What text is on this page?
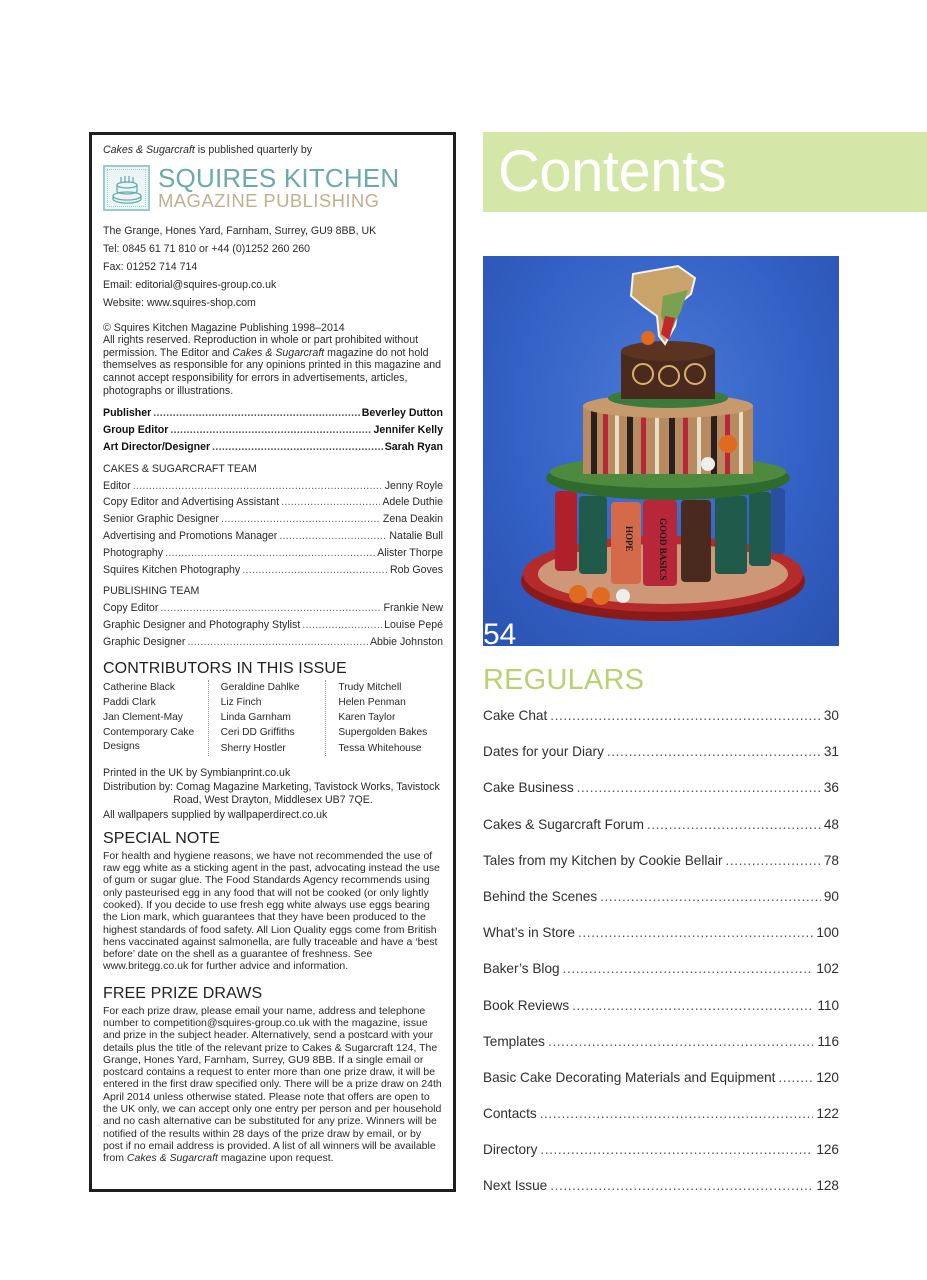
Cakes & Sugarcraft is published quarterly by
SQUIRES KITCHEN
MAGAZINE PUBLISHING
The Grange, Hones Yard, Farnham, Surrey, GU9 8BB, UK
Tel: 0845 61 71 810 or +44 (0)1252 260 260
Fax: 01252 714 714
Email: editorial@squires-group.co.uk
Website: www.squires-shop.com
© Squires Kitchen Magazine Publishing 1998–2014
All rights reserved. Reproduction in whole or part prohibited without permission. The Editor and Cakes & Sugarcraft magazine do not hold themselves as responsible for any opinions printed in this magazine and cannot accept responsibility for errors in advertisements, articles, photographs or illustrations.
Publisher .....	Beverley Dutton
Group Editor .....	Jennifer Kelly
Art Director/Designer .....	Sarah Ryan
CAKES & SUGARCRAFT TEAM
Editor .....	Jenny Royle
Copy Editor and Advertising Assistant .....	Adele Duthie
Senior Graphic Designer .....	Zena Deakin
Advertising and Promotions Manager .....	Natalie Bull
Photography .....	Alister Thorpe
Squires Kitchen Photography .....	Rob Goves
PUBLISHING TEAM
Copy Editor .....	Frankie New
Graphic Designer and Photography Stylist .....	Louise Pepé
Graphic Designer .....	Abbie Johnston
CONTRIBUTORS IN THIS ISSUE
Catherine Black
Paddi Clark
Jan Clement-May
Contemporary Cake
Designs
Geraldine Dahlke
Liz Finch
Linda Garnham
Ceri DD Griffiths
Sherry Hostler
Trudy Mitchell
Helen Penman
Karen Taylor
Supergolden Bakes
Tessa Whitehouse
Printed in the UK by Symbianprint.co.uk
Distribution by: Comag Magazine Marketing, Tavistock Works, Tavistock
Road, West Drayton, Middlesex UB7 7QE.
All wallpapers supplied by wallpaperdirect.co.uk
SPECIAL NOTE
For health and hygiene reasons, we have not recommended the use of raw egg white as a sticking agent in the past, advocating instead the use of gum or sugar glue. The Food Standards Agency recommends using only pasteurised egg in any food that will not be cooked (or only lightly cooked). If you decide to use fresh egg white always use eggs bearing the Lion mark, which guarantees that they have been produced to the highest standards of food safety. All Lion Quality eggs come from British hens vaccinated against salmonella, are fully traceable and have a ‘best before’ date on the shell as a guarantee of freshness. See www.britegg.co.uk for further advice and information.
FREE PRIZE DRAWS
For each prize draw, please email your name, address and telephone number to competition@squires-group.co.uk with the magazine, issue and prize in the subject header. Alternatively, send a postcard with your details plus the title of the relevant prize to Cakes & Sugarcraft 124, The Grange, Hones Yard, Farnham, Surrey, GU9 8BB. If a single email or postcard contains a request to enter more than one prize draw, it will be entered in the first draw specified only. There will be a prize draw on 24th April 2014 unless otherwise stated. Please note that offers are open to the UK only, we can accept only one entry per person and per household and no cash alternative can be substituted for any prize. Winners will be notified of the results within 28 days of the prize draw by email, or by post if no email address is provided. A list of all winners will be available from Cakes & Sugarcraft magazine upon request.
Contents
HOPE	GOOD BASICS
54
REGULARS
Cake Chat .....	30
Dates for your Diary .....	31
Cake Business .....	36
Cakes & Sugarcraft Forum .....	48
Tales from my Kitchen by Cookie Bellair .....	78
Behind the Scenes .....	90
What’s in Store .....	100
Baker’s Blog .....	102
Book Reviews .....	110
Templates .....	116
Basic Cake Decorating Materials and Equipment .....	120
Contacts .....	122
Directory .....	126
Next Issue .....	128
